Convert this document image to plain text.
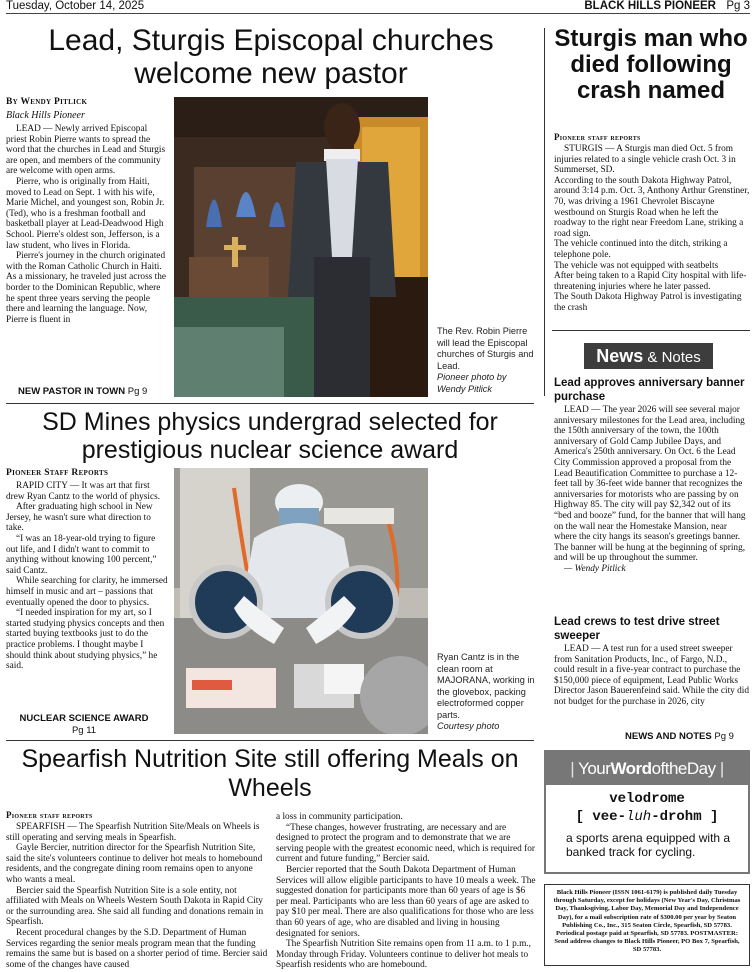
Tuesday, October 14, 2025	BLACK HILLS PIONEER Pg 3
Lead, Sturgis Episcopal churches welcome new pastor
By Wendy Pitlick
Black Hills Pioneer

LEAD — Newly arrived Episcopal priest Robin Pierre wants to spread the word that the churches in Lead and Sturgis are open, and members of the community are welcome with open arms.

Pierre, who is originally from Haiti, moved to Lead on Sept. 1 with his wife, Marie Michel, and youngest son, Robin Jr. (Ted), who is a freshman football and basketball player at Lead-Deadwood High School. Pierre's oldest son, Jefferson, is a law student, who lives in Florida.

Pierre's journey in the church originated with the Roman Catholic Church in Haiti.

As a missionary, he traveled just across the border to the Dominican Republic, where he spent three years serving the people there and learning the language. Now, Pierre is fluent in

NEW PASTOR IN TOWN Pg 9
The Rev. Robin Pierre will lead the Episcopal churches of Sturgis and Lead.
Pioneer photo by Wendy Pitlick
Sturgis man who died following crash named
Pioneer staff reports

STURGIS — A Sturgis man died Oct. 5 from injuries related to a single vehicle crash Oct. 3 in Summerset, SD.

According to the south Dakota Highway Patrol, around 3:14 p.m. Oct. 3, Anthony Arthur Grenstiner, 70, was driving a 1961 Chevrolet Biscayne westbound on Sturgis Road when he left the roadway to the right near Freedom Lane, striking a road sign.

The vehicle continued into the ditch, striking a telephone pole.

The vehicle was not equipped with seatbelts

After being taken to a Rapid City hospital with life-threatening injuries where he later passed.

The South Dakota Highway Patrol is investigating the crash

News & Notes
Lead approves anniversary banner purchase

LEAD — The year 2026 will see several major anniversary milestones for the Lead area, including the 150th anniversary of the town, the 100th anniversary of Gold Camp Jubilee Days, and America's 250th anniversary. On Oct. 6 the Lead City Commission approved a proposal from the Lead Beautification Committee to purchase a 12-feet tall by 36-feet wide banner that recognizes the anniversaries for motorists who are passing by on Highway 85. The city will pay $2,342 out of its “bed and booze” fund, for the banner that will hang on the wall near the Homestake Mansion, near where the city hangs its season's greetings banner. The banner will be hung at the beginning of spring, and will be up throughout the summer.

— Wendy Pitlick

Lead crews to test drive street sweeper

LEAD — A test run for a used street sweeper from Sanitation Products, Inc., of Fargo, N.D., could result in a five-year contract to purchase the $150,000 piece of equipment, Lead Public Works Director Jason Bauerenfeind said. While the city did not budget for the purchase in 2026, city

NEWS AND NOTES Pg 9
SD Mines physics undergrad selected for prestigious nuclear science award
Pioneer Staff Reports

RAPID CITY — It was art that first drew Ryan Cantz to the world of physics.

After graduating high school in New Jersey, he wasn't sure what direction to take.

“I was an 18-year-old trying to figure out life, and I didn't want to commit to anything without knowing 100 percent,” said Cantz.

While searching for clarity, he immersed himself in music and art – passions that eventually opened the door to physics.

“I needed inspiration for my art, so I started studying physics concepts and then started buying textbooks just to do the practice problems. I thought maybe I should think about studying physics,” he said.

NUCLEAR SCIENCE AWARD
Pg 11
Ryan Cantz is in the clean room at MAJORANA, working in the glovebox, packing electroformed copper parts.
Courtesy photo
Spearfish Nutrition Site still offering Meals on Wheels
Pioneer staff reports

SPEARFISH — The Spearfish Nutrition Site/Meals on Wheels is still operating and serving meals in Spearfish.

Gayle Bercier, nutrition director for the Spearfish Nutrition Site, said the site's volunteers continue to deliver hot meals to homebound residents, and the congregate dining room remains open to anyone who wants a meal.

Bercier said the Spearfish Nutrition Site is a sole entity, not affiliated with Meals on Wheels Western South Dakota in Rapid City or the surrounding area. She said all funding and donations remain in Spearfish.

Recent procedural changes by the S.D. Department of Human Services regarding the senior meals program mean that the funding remains the same but is based on a shorter period of time. Bercier said some of the changes have caused

a loss in community participation.

“These changes, however frustrating, are necessary and are designed to protect the program and to demonstrate that we are serving people with the greatest economic need, which is required for current and future funding,” Bercier said.

Bercier reported that the South Dakota Department of Human Services will allow eligible participants to have 10 meals a week. The suggested donation for participants more than 60 years of age is $6 per meal. Participants who are less than 60 years of age are asked to pay $10 per meal. There are also qualifications for those who are less than 60 years of age, who are disabled and living in housing designated for seniors.

The Spearfish Nutrition Site remains open from 11 a.m. to 1 p.m., Monday through Friday. Volunteers continue to deliver hot meals to Spearfish residents who are homebound.

| YourWordoftheDay |
velodrome
[ vee-luh-drohm ]
a sports arena equipped with a banked track for cycling.
Black Hills Pioneer (ISSN 1061-6179) is published daily Tuesday through Saturday, except for holidays (New Year's Day, Christmas Day, Thanksgiving, Labor Day, Memorial Day and Independence Day), for a mail subscription rate of $300.00 per year by Seaton Publishing Co., Inc., 315 Seaton Circle, Spearfish, SD 57783. Periodical postage paid at Spearfish, SD 57783. POSTMASTER: Send address changes to Black Hills Pioneer, PO Box 7, Spearfish, SD 57783.
